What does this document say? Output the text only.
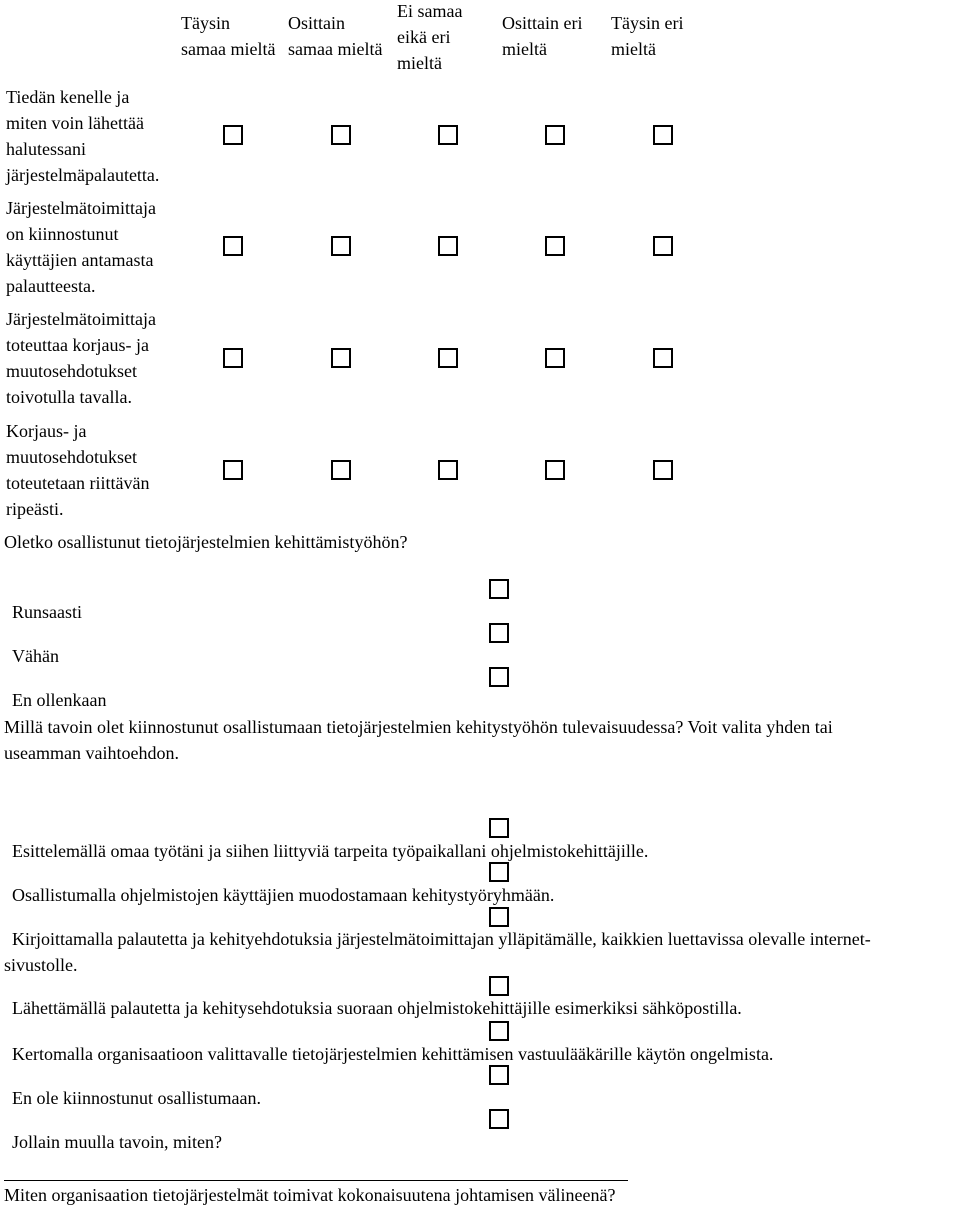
Täysin
samaa mieltä
Osittain
samaa mieltä
Ei samaa
eikä eri
mieltä
Osittain eri
mieltä
Täysin eri
mieltä
Tiedän kenelle ja
miten voin lähettää
halutessani
järjestelmäpalautetta.
Järjestelmätoimittaja
on kiinnostunut
käyttäjien antamasta
palautteesta.
Järjestelmätoimittaja
toteuttaa korjaus- ja
muutosehdotukset
toivotulla tavalla.
Korjaus- ja
muutosehdotukset
toteutetaan riittävän
ripeästi.
Oletko osallistunut tietojärjestelmien kehittämistyöhön?
Runsaasti
Vähän
En ollenkaan
Millä tavoin olet kiinnostunut osallistumaan tietojärjestelmien kehitystyöhön tulevaisuudessa? Voit valita yhden tai
useamman vaihtoehdon.
Esittelemällä omaa työtäni ja siihen liittyviä tarpeita työpaikallani ohjelmistokehittäjille.
Osallistumalla ohjelmistojen käyttäjien muodostamaan kehitystyöryhmään.
Kirjoittamalla palautetta ja kehityehdotuksia järjestelmätoimittajan ylläpitämälle, kaikkien luettavissa olevalle internet-
sivustolle.
Lähettämällä palautetta ja kehitysehdotuksia suoraan ohjelmistokehittäjille esimerkiksi sähköpostilla.
Kertomalla organisaatioon valittavalle tietojärjestelmien kehittämisen vastuulääkärille käytön ongelmista.
En ole kiinnostunut osallistumaan.
Jollain muulla tavoin, miten?
Miten organisaation tietojärjestelmät toimivat kokonaisuutena johtamisen välineenä?
